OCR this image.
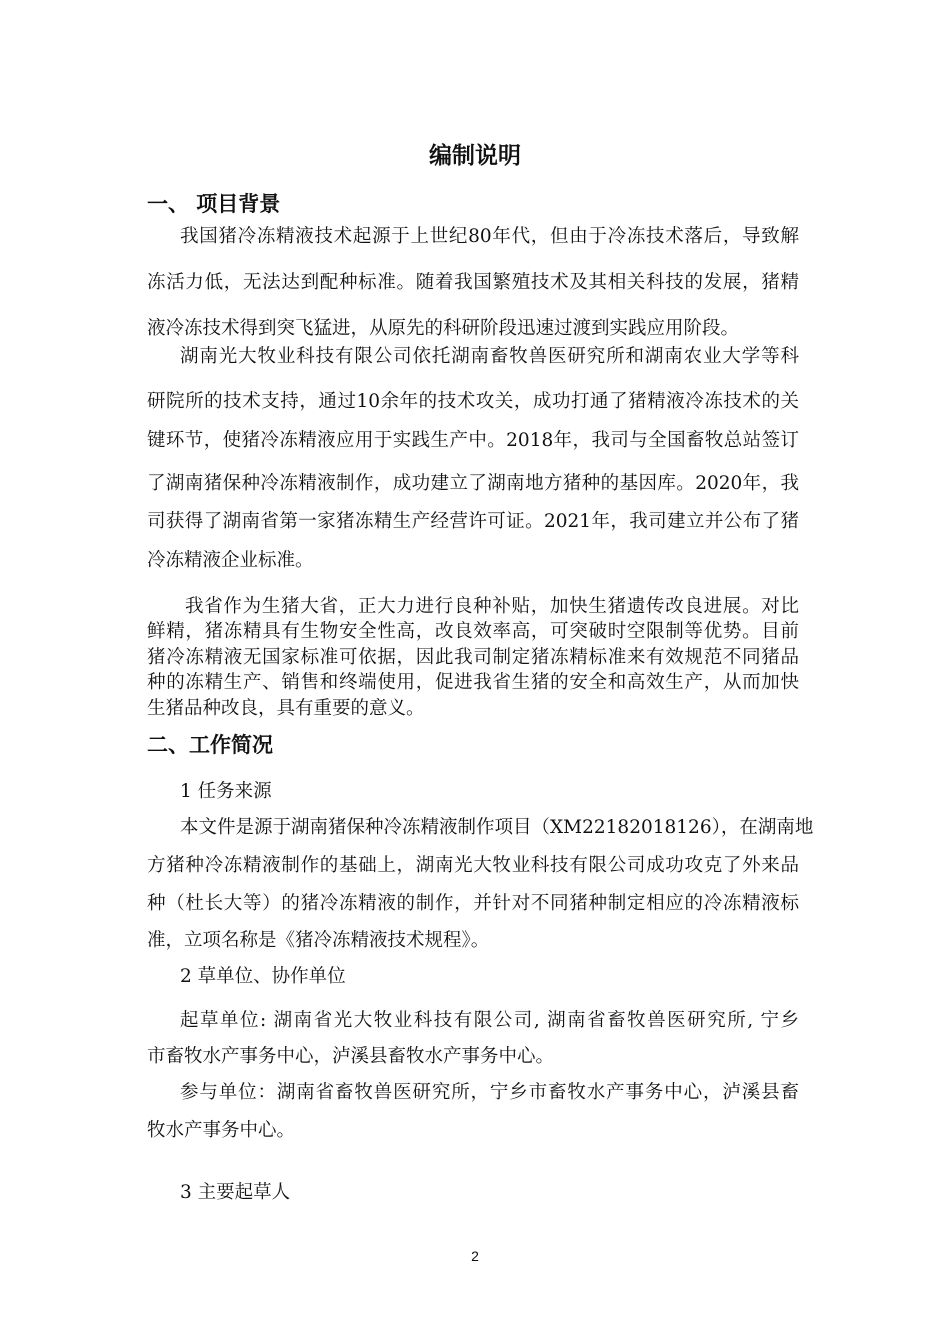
编制说明
一、 项目背景
我国猪冷冻精液技术起源于上世纪80年代，但由于冷冻技术落后，导致解
冻活力低，无法达到配种标准。随着我国繁殖技术及其相关科技的发展，猪精
液冷冻技术得到突飞猛进，从原先的科研阶段迅速过渡到实践应用阶段。
湖南光大牧业科技有限公司依托湖南畜牧兽医研究所和湖南农业大学等科
研院所的技术支持，通过10余年的技术攻关，成功打通了猪精液冷冻技术的关
键环节，使猪冷冻精液应用于实践生产中。2018年，我司与全国畜牧总站签订
了湖南猪保种冷冻精液制作，成功建立了湖南地方猪种的基因库。2020年，我
司获得了湖南省第一家猪冻精生产经营许可证。2021年，我司建立并公布了猪
冷冻精液企业标准。
我省作为生猪大省，正大力进行良种补贴，加快生猪遗传改良进展。对比
鲜精，猪冻精具有生物安全性高，改良效率高，可突破时空限制等优势。目前
猪冷冻精液无国家标准可依据，因此我司制定猪冻精标准来有效规范不同猪品
种的冻精生产、销售和终端使用，促进我省生猪的安全和高效生产，从而加快
生猪品种改良，具有重要的意义。
二、工作简况
1 任务来源
本文件是源于湖南猪保种冷冻精液制作项目（XM22182018126），在湖南地
方猪种冷冻精液制作的基础上，湖南光大牧业科技有限公司成功攻克了外来品
种（杜长大等）的猪冷冻精液的制作，并针对不同猪种制定相应的冷冻精液标
准，立项名称是《猪冷冻精液技术规程》。
2 草单位、协作单位
起草单位: 湖南省光大牧业科技有限公司, 湖南省畜牧兽医研究所, 宁乡
市畜牧水产事务中心，泸溪县畜牧水产事务中心。
参与单位：湖南省畜牧兽医研究所，宁乡市畜牧水产事务中心，泸溪县畜
牧水产事务中心。
3 主要起草人
2
